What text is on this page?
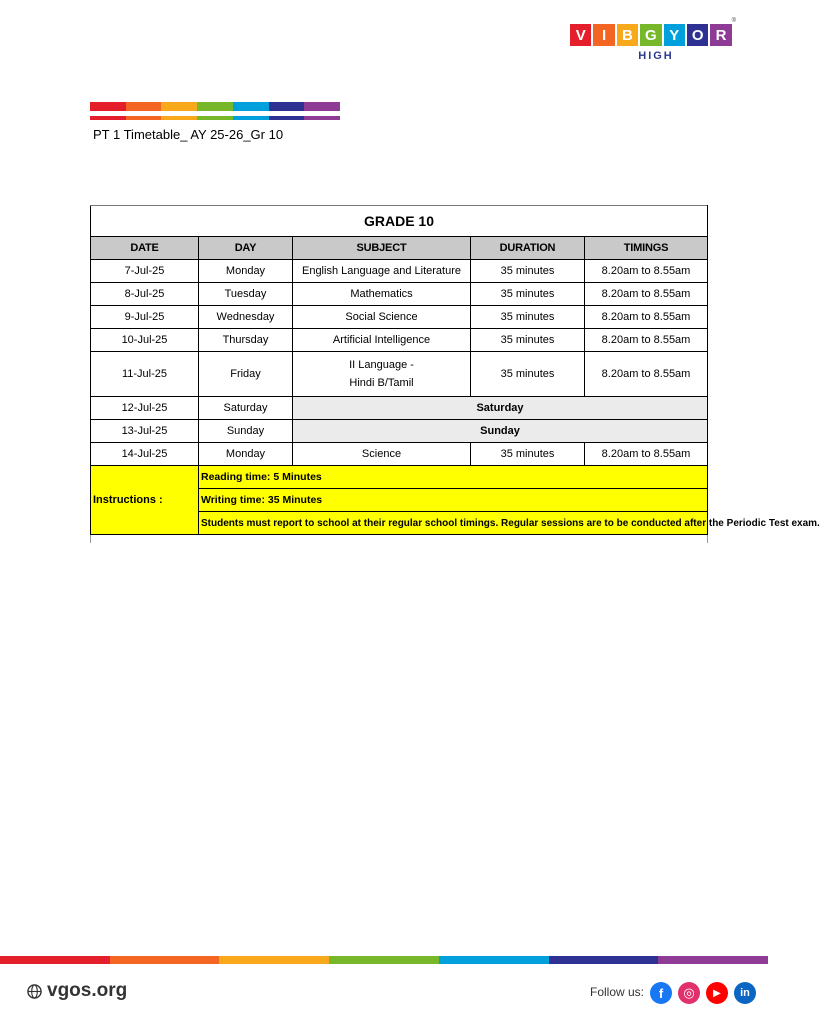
®
V	I	B G Y O R
HIGH
PT 1 Timetable_ AY 25-26_Gr 10
GRADE 10				
DATE	DAY	SUBJECT	DURATION	TIMINGS
7-Jul-25	Monday	English Language and Literature	35 minutes	8.20am to 8.55am
8-Jul-25	Tuesday	Mathematics	35 minutes	8.20am to 8.55am
9-Jul-25	Wednesday	Social Science	35 minutes	8.20am to 8.55am
10-Jul-25	Thursday	Artificial Intelligence	35 minutes	8.20am to 8.55am
11-Jul-25	Friday	II Language -
Hindi B/Tamil	35 minutes	8.20am to 8.55am
12-Jul-25	Saturday	Saturday		
13-Jul-25	Sunday	Sunday		
14-Jul-25	Monday	Science	35 minutes	8.20am to 8.55am
Instructions :	Reading time: 5 Minutes			
	Writing time: 35 Minutes			
	Students must report to school at their regular school timings. Regular sessions are to be conducted after the Periodic Test exam.			

vgos.org	Follow us:	f	◎	▶	in
